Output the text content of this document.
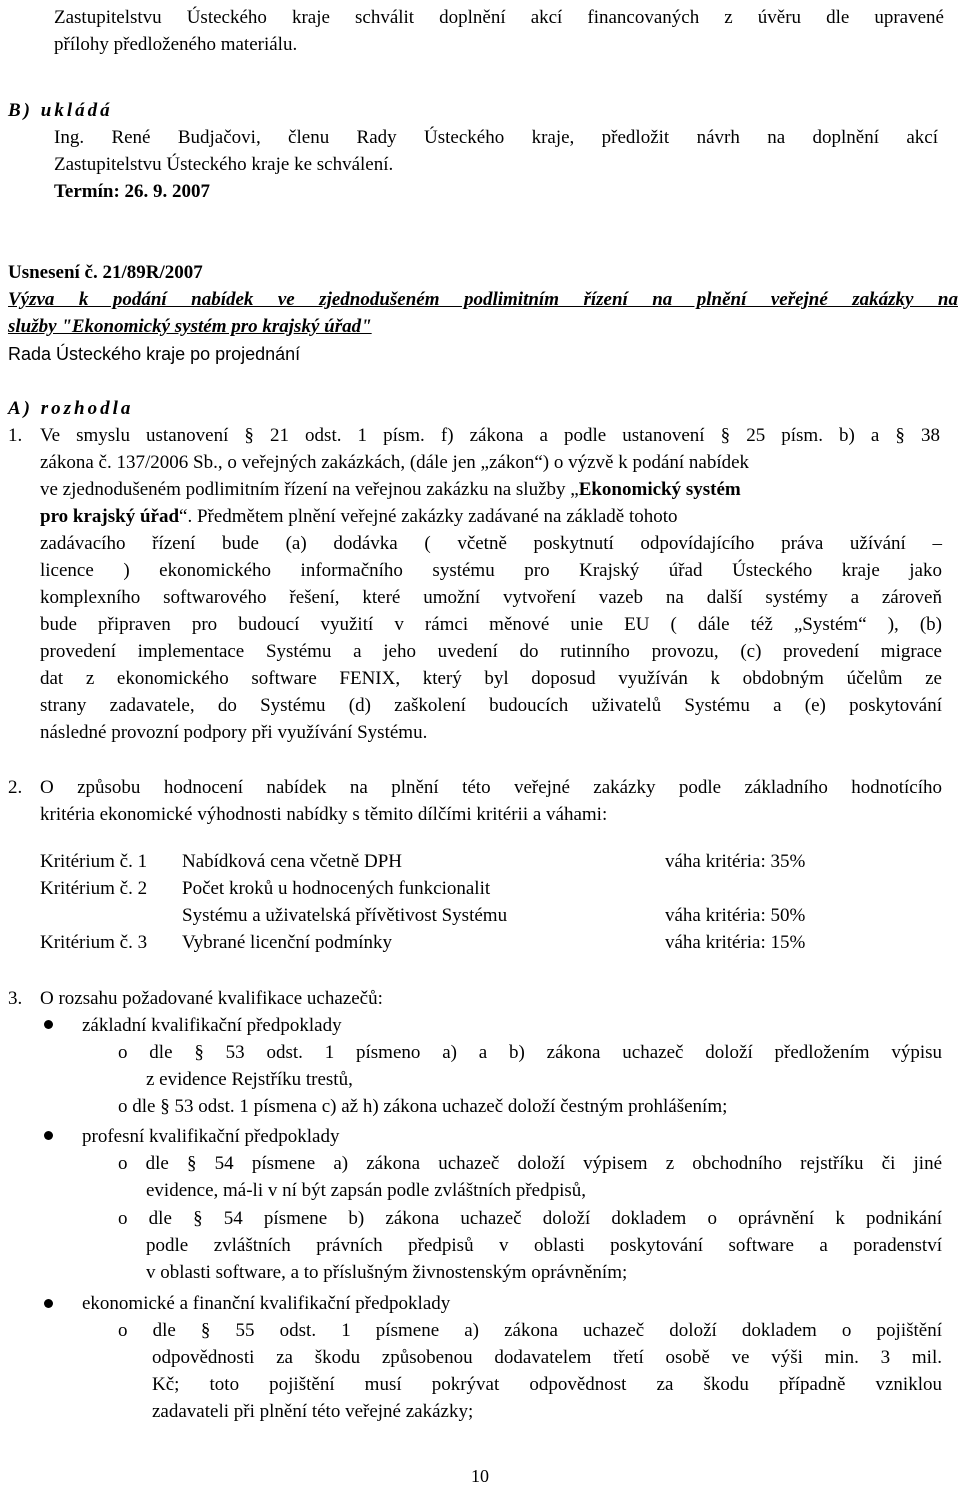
Zastupitelstvu Ústeckého kraje schválit doplnění akcí financovaných z úvěru dle upravené
přílohy předloženého materiálu.
B) ukládá
Ing. René Budjačovi, členu Rady Ústeckého kraje, předložit návrh na doplnění akcí
Zastupitelstvu Ústeckého kraje ke schválení.
Termín: 26. 9. 2007
Usnesení č. 21/89R/2007
Výzva k podání nabídek ve zjednodušeném podlimitním řízení na plnění veřejné zakázky na
služby "Ekonomický systém pro krajský úřad"
Rada Ústeckého kraje po projednání
A) rozhodla
1. Ve smyslu ustanovení § 21 odst. 1 písm. f) zákona a podle ustanovení § 25 písm. b) a § 38
zákona č. 137/2006 Sb., o veřejných zakázkách, (dále jen „zákon“) o výzvě k podání nabídek
ve zjednodušeném podlimitním řízení na veřejnou zakázku na služby „Ekonomický systém
pro krajský úřad“. Předmětem plnění veřejné zakázky zadávané na základě tohoto
zadávacího řízení bude (a) dodávka ( včetně poskytnutí odpovídajícího práva užívání –
licence ) ekonomického informačního systému pro Krajský úřad Ústeckého kraje jako
komplexního softwarového řešení, které umožní vytvoření vazeb na další systémy a zároveň
bude připraven pro budoucí využití v rámci měnové unie EU ( dále též „Systém“ ), (b)
provedení implementace Systému a jeho uvedení do rutinního provozu, (c) provedení migrace
dat z ekonomického software FENIX, který byl doposud využíván k obdobným účelům ze
strany zadavatele, do Systému (d) zaškolení budoucích uživatelů Systému a (e) poskytování
následné provozní podpory při využívání Systému.
2. O způsobu hodnocení nabídek na plnění této veřejné zakázky podle základního hodnotícího
kritéria ekonomické výhodnosti nabídky s těmito dílčími kritérii a váhami:
Kritérium č. 1 Nabídková cena včetně DPH	váha kritéria: 35%
Kritérium č. 2 Počet kroků u hodnocených funkcionalit
Systému a uživatelská přívětivost Systému	váha kritéria: 50%
Kritérium č. 3 Vybrané licenční podmínky	váha kritéria: 15%
3. O rozsahu požadované kvalifikace uchazečů:
základní kvalifikační předpoklady
o dle § 53 odst. 1 písmeno a) a b) zákona uchazeč doloží předložením výpisu
z evidence Rejstříku trestů,
o dle § 53 odst. 1 písmena c) až h) zákona uchazeč doloží čestným prohlášením;
profesní kvalifikační předpoklady
o dle § 54 písmene a) zákona uchazeč doloží výpisem z obchodního rejstříku či jiné
evidence, má-li v ní být zapsán podle zvláštních předpisů,
o dle § 54 písmene b) zákona uchazeč doloží dokladem o oprávnění k podnikání
podle zvláštních právních předpisů v oblasti poskytování software a poradenství
v oblasti software, a to příslušným živnostenským oprávněním;
ekonomické a finanční kvalifikační předpoklady
o dle § 55 odst. 1 písmene a) zákona uchazeč doloží dokladem o pojištění
odpovědnosti za škodu způsobenou dodavatelem třetí osobě ve výši min. 3 mil.
Kč; toto pojištění musí pokrývat odpovědnost za škodu případně vzniklou
zadavateli při plnění této veřejné zakázky;
10
